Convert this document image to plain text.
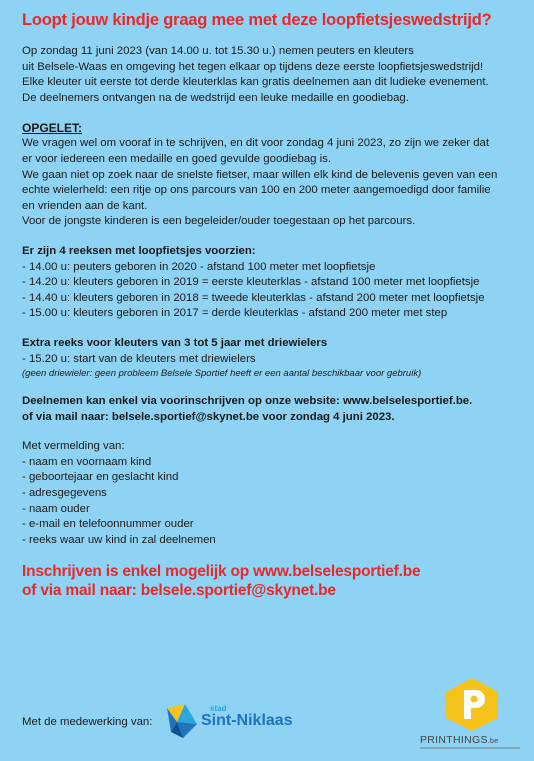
Loopt jouw kindje graag mee met deze loopfietsjeswedstrijd?

Op zondag 11 juni 2023 (van 14.00 u. tot 15.30 u.) nemen peuters en kleuters

uit Belsele-Waas en omgeving het tegen elkaar op tijdens deze eerste loopfietsjeswedstrijd!

Elke kleuter uit eerste tot derde kleuterklas kan gratis deelnemen aan dit ludieke evenement.

De deelnemers ontvangen na de wedstrijd een leuke medaille en goodiebag.

OPGELET:

We vragen wel om vooraf in te schrijven, en dit voor zondag 4 juni 2023, zo zijn we zeker dat

er voor iedereen een medaille en goed gevulde goodiebag is.

We gaan niet op zoek naar de snelste fietser, maar willen elk kind de belevenis geven van een

echte wielerheld: een ritje op ons parcours van 100 en 200 meter aangemoedigd door familie

en vrienden aan de kant.

Voor de jongste kinderen is een begeleider/ouder toegestaan op het parcours.

Er zijn 4 reeksen met loopfietsjes voorzien:

- 14.00 u: peuters geboren in 2020 - afstand 100 meter met loopfietsje

- 14.20 u: kleuters geboren in 2019 = eerste kleuterklas - afstand 100 meter met loopfietsje

- 14.40 u: kleuters geboren in 2018 = tweede kleuterklas - afstand 200 meter met loopfietsje

- 15.00 u: kleuters geboren in 2017 = derde kleuterklas - afstand 200 meter met step

Extra reeks voor kleuters van 3 tot 5 jaar met driewielers

- 15.20 u: start van de kleuters met driewielers

(geen driewieler: geen probleem Belsele Sportief heeft er een aantal beschikbaar voor gebruik)

Deelnemen kan enkel via voorinschrijven op onze website: www.belselesportief.be.

of via mail naar: belsele.sportief@skynet.be voor zondag 4 juni 2023.

Met vermelding van:

- naam en voornaam kind

- geboortejaar en geslacht kind

- adresgegevens

- naam ouder

- e-mail en telefoonnummer ouder

- reeks waar uw kind in zal deelnemen

Inschrijven is enkel mogelijk op www.belselesportief.be

of via mail naar: belsele.sportief@skynet.be

Met de medewerking van:
stad
Sint-Niklaas
PRINTHINGS.be
